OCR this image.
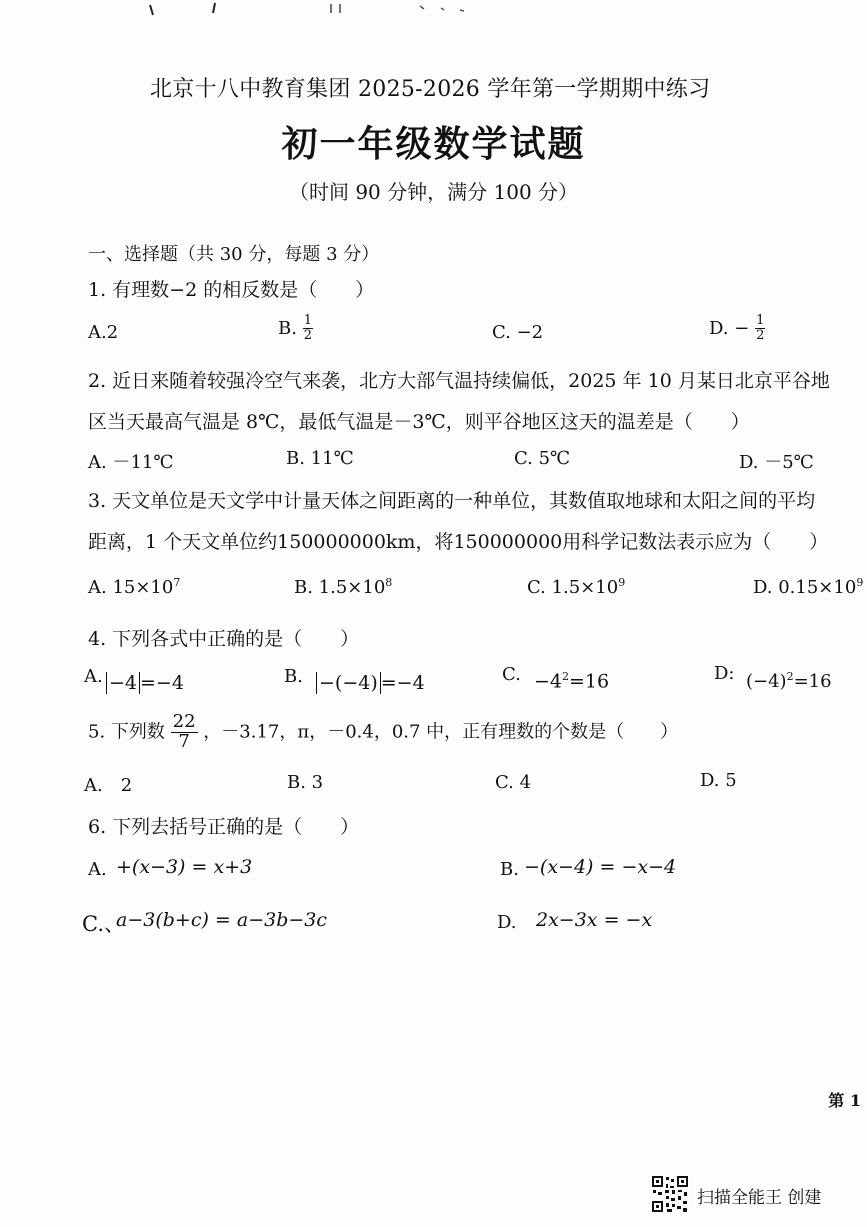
北京十八中教育集团 2025-2026 学年第一学期期中练习
初一年级数学试题
（时间 90 分钟，满分 100 分）
一、选择题（共 30 分，每题 3 分）
1. 有理数−2 的相反数是（　　）
A.2	B. $\frac{1}{2}$	C. −2	D. − $\frac{1}{2}$
2. 近日来随着较强冷空气来袭，北方大部气温持续偏低，2025 年 10 月某日北京平谷地
区当天最高气温是 8℃，最低气温是－3℃，则平谷地区这天的温差是（　　）
A. －11℃	B. 11℃	C. 5℃	D. －5℃
3. 天文单位是天文学中计量天体之间距离的一种单位，其数值取地球和太阳之间的平均
距离，1 个天文单位约150000000km，将150000000用科学记数法表示应为（　　）
A. $15\times 10^7$	B. $1.5\times 10^8$	C. $1.5\times 10^9$	D. $0.15\times 10^9$
4. 下列各式中正确的是（　　）
A. −4 =−4	B. −(−4) =−4	C. $-4^2=16$	D: $(-4)^2=16$
5. 下列数 $\frac{22}{7}$ ，－3.17，π，－0.4，0.7 中，正有理数的个数是（　　）
A.　2	B. 3	C. 4	D. 5
6. 下列去括号正确的是（　　）
A. +(x−3) = x+3	B. −(x−4) = −x−4
C.、
a−3(b+c) = a−3b−3c	D. 2x−3x = −x
第 1
扫描全能王 创建
